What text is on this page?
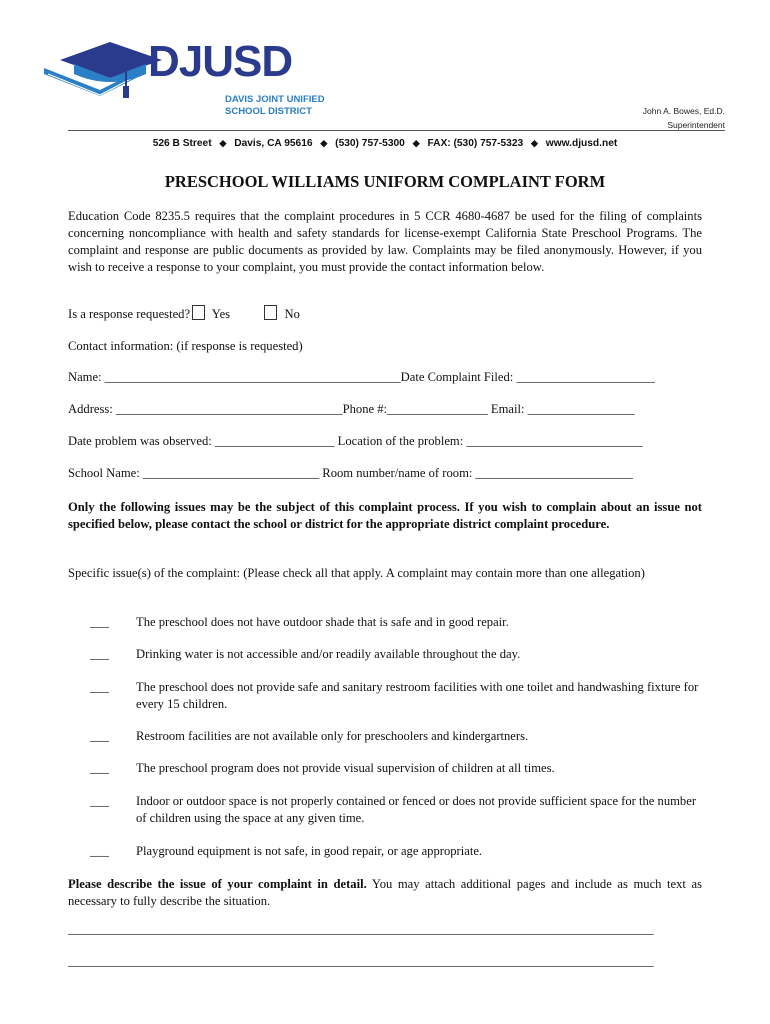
DJUSD
DAVIS JOINT UNIFIED
SCHOOL DISTRICT	John A. Bowes, Ed.D.
Superintendent
526 B Street ◆ Davis, CA 95616 ◆ (530) 757-5300 ◆ FAX: (530) 757-5323 ◆ www.djusd.net
PRESCHOOL WILLIAMS UNIFORM COMPLAINT FORM
Education Code 8235.5 requires that the complaint procedures in 5 CCR 4680-4687 be used for the filing of complaints concerning noncompliance with health and safety standards for license-exempt California State Preschool Programs. The complaint and response are public documents as provided by law. Complaints may be filed anonymously. However, if you wish to receive a response to your complaint, you must provide the contact information below.
Is a response requested? Yes	No
Contact information: (if response is requested)
Name: _______________________________________________Date Complaint Filed: ______________________
Address: ____________________________________Phone #:________________ Email: _________________
Date problem was observed: ___________________ Location of the problem: ____________________________
School Name: ____________________________ Room number/name of room: _________________________
Only the following issues may be the subject of this complaint process. If you wish to complain about an issue not specified below, please contact the school or district for the appropriate district complaint procedure.
Specific issue(s) of the complaint: (Please check all that apply. A complaint may contain more than one allegation)
___ The preschool does not have outdoor shade that is safe and in good repair.
___ Drinking water is not accessible and/or readily available throughout the day.
___ The preschool does not provide safe and sanitary restroom facilities with one toilet and handwashing fixture for every 15 children.
___ Restroom facilities are not available only for preschoolers and kindergartners.
___ The preschool program does not provide visual supervision of children at all times.
___ Indoor or outdoor space is not properly contained or fenced or does not provide sufficient space for the number of children using the space at any given time.
___ Playground equipment is not safe, in good repair, or age appropriate.
Please describe the issue of your complaint in detail. You may attach additional pages and include as much text as necessary to fully describe the situation.
_____________________________________________________________________________________________
_____________________________________________________________________________________________
